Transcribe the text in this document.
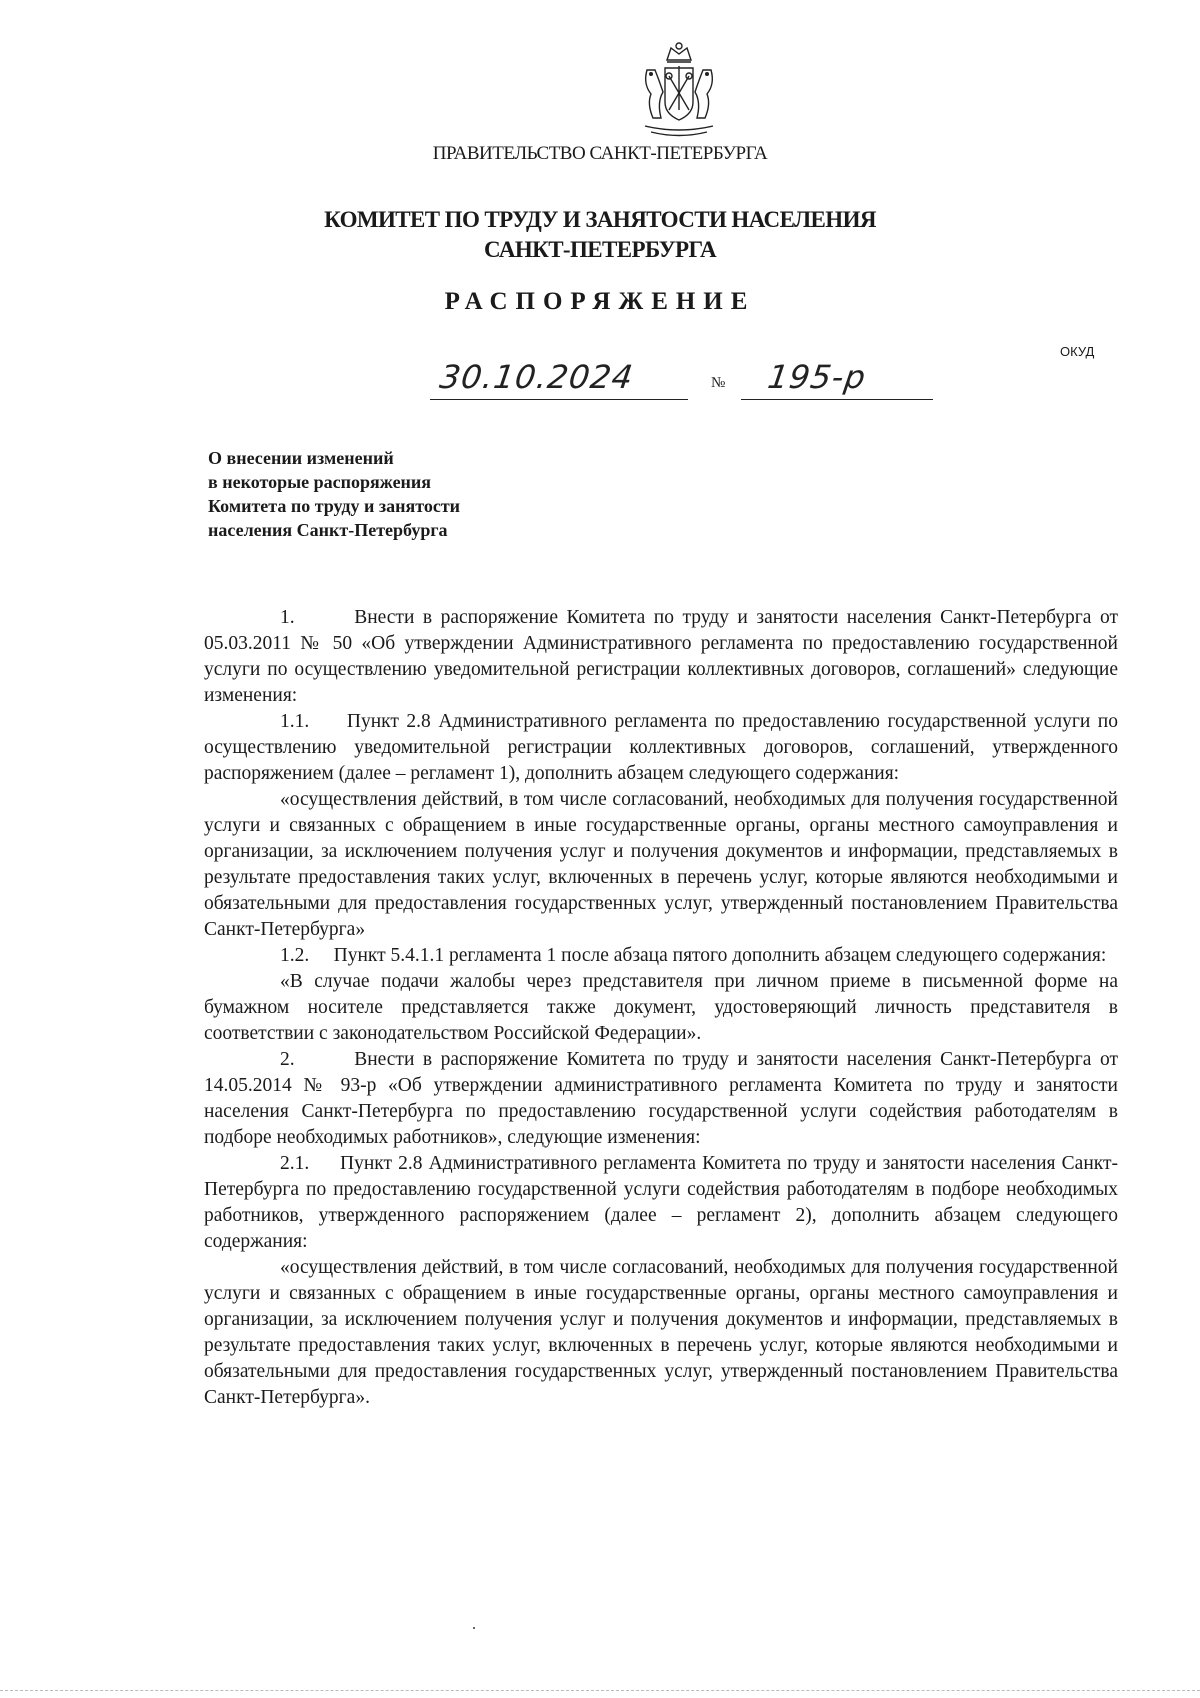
ПРАВИТЕЛЬСТВО САНКТ-ПЕТЕРБУРГА
КОМИТЕТ ПО ТРУДУ И ЗАНЯТОСТИ НАСЕЛЕНИЯ
САНКТ-ПЕТЕРБУРГА
РАСПОРЯЖЕНИЕ
ОКУД
30.10.2024	№ 195-р
О внесении изменений
в некоторые распоряжения
Комитета по труду и занятости
населения Санкт-Петербурга

1.       Внести в распоряжение Комитета по труду и занятости населения Санкт-Петербурга от 05.03.2011 № 50 «Об утверждении Административного регламента по предоставлению государственной услуги по осуществлению уведомительной регистрации коллективных договоров, соглашений» следующие изменения:

1.1.     Пункт 2.8 Административного регламента по предоставлению государственной услуги по осуществлению уведомительной регистрации коллективных договоров, соглашений, утвержденного распоряжением (далее – регламент 1), дополнить абзацем следующего содержания:

«осуществления действий, в том числе согласований, необходимых для получения государственной услуги и связанных с обращением в иные государственные органы, органы местного самоуправления и организации, за исключением получения услуг и получения документов и информации, представляемых в результате предоставления таких услуг, включенных в перечень услуг, которые являются необходимыми и обязательными для предоставления государственных услуг, утвержденный постановлением Правительства Санкт-Петербурга»

1.2.     Пункт 5.4.1.1 регламента 1 после абзаца пятого дополнить абзацем следующего содержания:

«В случае подачи жалобы через представителя при личном приеме в письменной форме на бумажном носителе представляется также документ, удостоверяющий личность представителя в соответствии с законодательством Российской Федерации».

2.       Внести в распоряжение Комитета по труду и занятости населения Санкт-Петербурга от 14.05.2014 № 93-р «Об утверждении административного регламента Комитета по труду и занятости населения Санкт-Петербурга по предоставлению государственной услуги содействия работодателям в подборе необходимых работников», следующие изменения:

2.1.     Пункт 2.8 Административного регламента Комитета по труду и занятости населения Санкт-Петербурга по предоставлению государственной услуги содействия работодателям в подборе необходимых работников, утвержденного распоряжением (далее – регламент 2), дополнить абзацем следующего содержания:

«осуществления действий, в том числе согласований, необходимых для получения государственной услуги и связанных с обращением в иные государственные органы, органы местного самоуправления и организации, за исключением получения услуг и получения документов и информации, представляемых в результате предоставления таких услуг, включенных в перечень услуг, которые являются необходимыми и обязательными для предоставления государственных услуг, утвержденный постановлением Правительства Санкт-Петербурга».
